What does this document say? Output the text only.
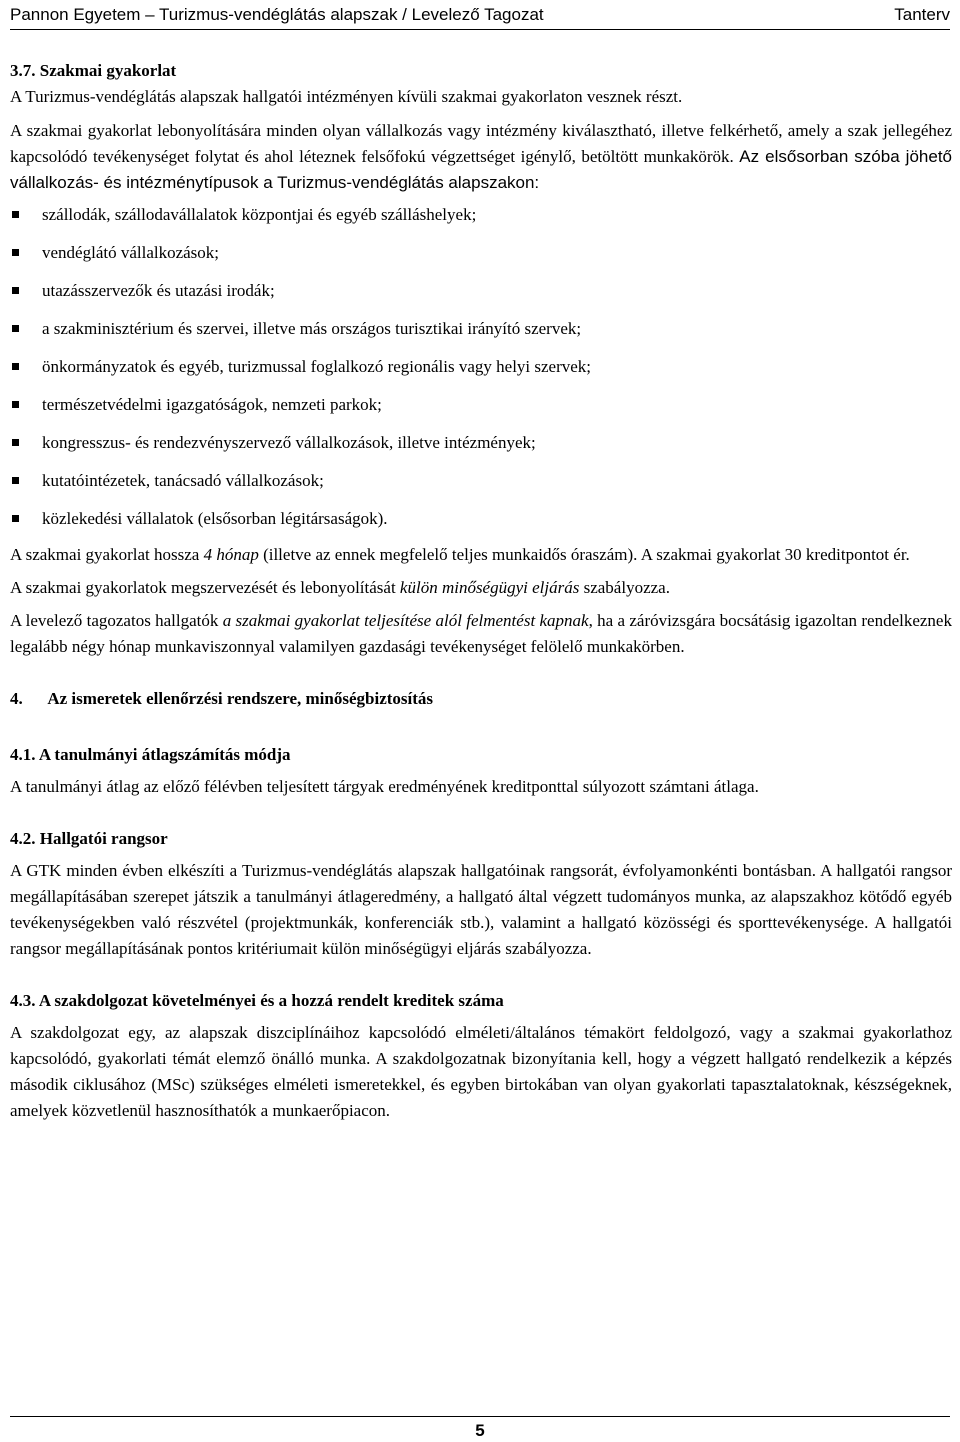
Pannon Egyetem – Turizmus-vendéglátás alapszak / Levelező Tagozat	Tanterv
3.7. Szakmai gyakorlat

A Turizmus-vendéglátás alapszak hallgatói intézményen kívüli szakmai gyakorlaton vesznek részt.

A szakmai gyakorlat lebonyolítására minden olyan vállalkozás vagy intézmény kiválasztható, illetve felkérhető, amely a szak jellegéhez kapcsolódó tevékenységet folytat és ahol léteznek felsőfokú végzettséget igénylő, betöltött munkakörök. Az elsősorban szóba jöhető vállalkozás- és intézménytípusok a Turizmus-vendéglátás alapszakon:

szállodák, szállodavállalatok központjai és egyéb szálláshelyek;
vendéglátó vállalkozások;
utazásszervezők és utazási irodák;
a szakminisztérium és szervei, illetve más országos turisztikai irányító szervek;
önkormányzatok és egyéb, turizmussal foglalkozó regionális vagy helyi szervek;
természetvédelmi igazgatóságok, nemzeti parkok;
kongresszus- és rendezvényszervező vállalkozások, illetve intézmények;
kutatóintézetek, tanácsadó vállalkozások;
közlekedési vállalatok (elsősorban légitársaságok).

A szakmai gyakorlat hossza 4 hónap (illetve az ennek megfelelő teljes munkaidős óraszám). A szakmai gyakorlat 30 kreditpontot ér.

A szakmai gyakorlatok megszervezését és lebonyolítását külön minőségügyi eljárás szabályozza.

A levelező tagozatos hallgatók a szakmai gyakorlat teljesítése alól felmentést kapnak, ha a záróvizsgára bocsátásig igazoltan rendelkeznek legalább négy hónap munkaviszonnyal valamilyen gazdasági tevékenységet felölelő munkakörben.

4. Az ismeretek ellenőrzési rendszere, minőségbiztosítás
4.1. A tanulmányi átlagszámítás módja

A tanulmányi átlag az előző félévben teljesített tárgyak eredményének kreditponttal súlyozott számtani átlaga.

4.2. Hallgatói rangsor

A GTK minden évben elkészíti a Turizmus-vendéglátás alapszak hallgatóinak rangsorát, évfolyamonkénti bontásban. A hallgatói rangsor megállapításában szerepet játszik a tanulmányi átlageredmény, a hallgató által végzett tudományos munka, az alapszakhoz kötődő egyéb tevékenységekben való részvétel (projektmunkák, konferenciák stb.), valamint a hallgató közösségi és sporttevékenysége. A hallgatói rangsor megállapításának pontos kritériumait külön minőségügyi eljárás szabályozza.

4.3. A szakdolgozat követelményei és a hozzá rendelt kreditek száma

A szakdolgozat egy, az alapszak diszciplínáihoz kapcsolódó elméleti/általános témakört feldolgozó, vagy a szakmai gyakorlathoz kapcsolódó, gyakorlati témát elemző önálló munka. A szakdolgozatnak bizonyítania kell, hogy a végzett hallgató rendelkezik a képzés második ciklusához (MSc) szükséges elméleti ismeretekkel, és egyben birtokában van olyan gyakorlati tapasztalatoknak, készségeknek, amelyek közvetlenül hasznosíthatók a munkaerőpiacon.

5
